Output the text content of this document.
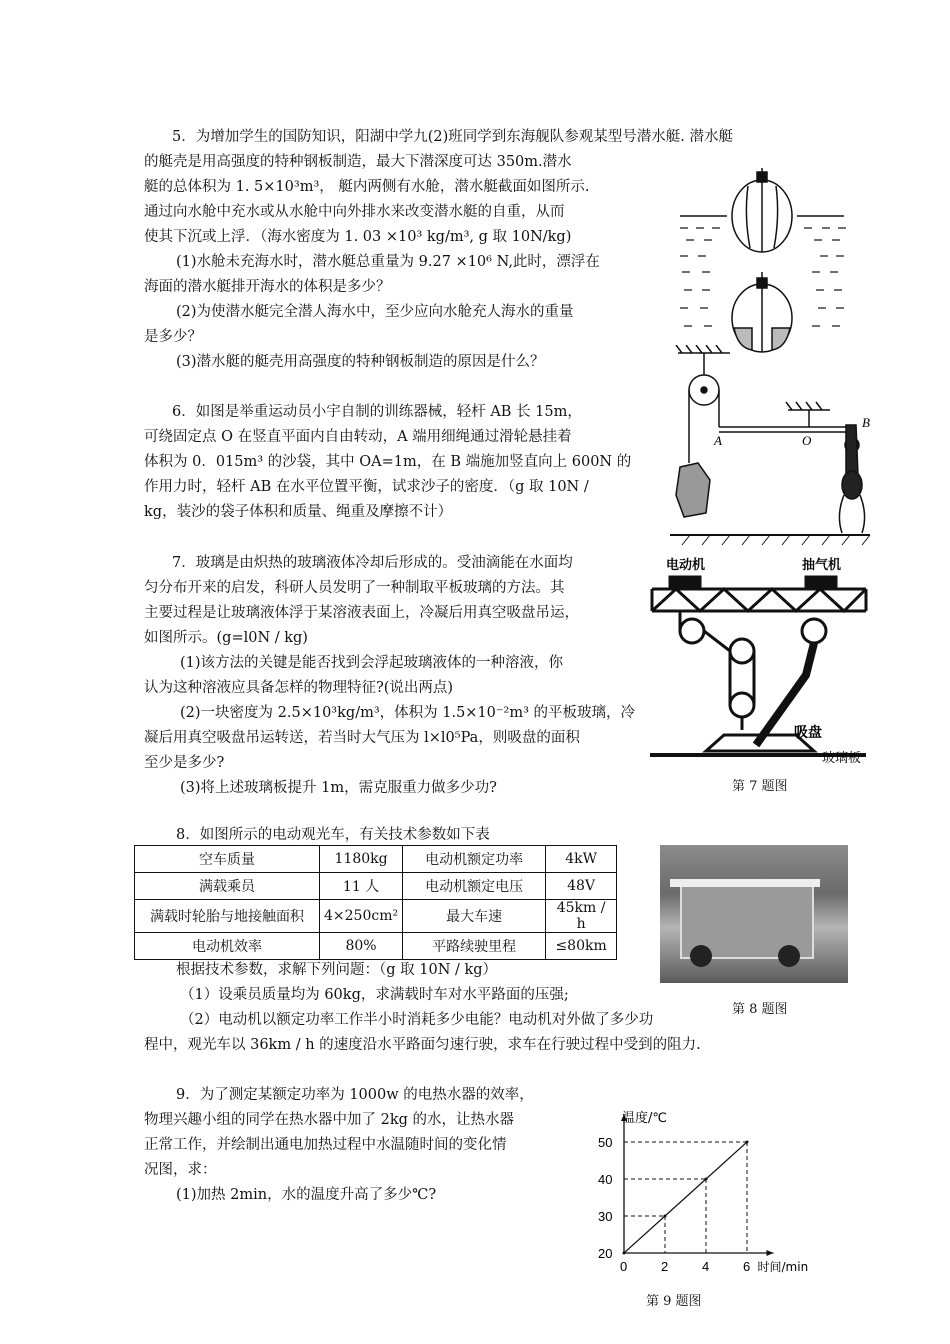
5．为增加学生的国防知识，阳湖中学九(2)班同学到东海舰队参观某型号潜水艇. 潜水艇
的艇壳是用高强度的特种钢板制造，最大下潜深度可达 350m.潜水
艇的总体积为 1. 5×10³m³， 艇内两侧有水舱，潜水艇截面如图所示.
通过向水舱中充水或从水舱中向外排水来改变潜水艇的自重，从而
使其下沉或上浮．（海水密度为 1. 03 ×10³ kg/m³, g 取 10N/kg)
(1)水舱未充海水时，潜水艇总重量为 9.27 ×10⁶ N,此时，漂浮在
海面的潜水艇排开海水的体积是多少？
(2)为使潜水艇完全潜人海水中，至少应向水舱充人海水的重量
是多少？
(3)潜水艇的艇壳用高强度的特种钢板制造的原因是什么？
6．如图是举重运动员小宇自制的训练器械，轻杆 AB 长 15m，
可绕固定点 O 在竖直平面内自由转动，A 端用细绳通过滑轮悬挂着
体积为 0．015m³ 的沙袋，其中 OA=1m，在 B 端施加竖直向上 600N 的
作用力时，轻杆 AB 在水平位置平衡，试求沙子的密度．（g 取 10N /
kg，装沙的袋子体积和质量、绳重及摩擦不计）
A	O
B
7．玻璃是由炽热的玻璃液体冷却后形成的。受油滴能在水面均
匀分布开来的启发，科研人员发明了一种制取平板玻璃的方法。其
主要过程是让玻璃液体浮于某溶液表面上，冷凝后用真空吸盘吊运，
如图所示。(g=l0N / kg)
(1)该方法的关键是能否找到会浮起玻璃液体的一种溶液，你
认为这种溶液应具备怎样的物理特征?(说出两点)
(2)一块密度为 2.5×10³kg/m³，体积为 1.5×10⁻²m³ 的平板玻璃，冷
凝后用真空吸盘吊运转送，若当时大气压为 l×l0⁵Pa，则吸盘的面积
至少是多少?
(3)将上述玻璃板提升 1m，需克服重力做多少功?
电动机	抽气机
吸盘
玻璃板
第 7 题图
8．如图所示的电动观光车，有关技术参数如下表
空车质量	1180kg	电动机额定功率	4kW
满载乘员	11 人	电动机额定电压	48V
满载时轮胎与地接触面积	4×250cm²	最大车速	45km / h
电动机效率	80%	平路续驶里程	≤80km
根据技术参数，求解下列问题：（g 取 10N / kg）
（1）设乘员质量均为 60kg，求满载时车对水平路面的压强;
第 8 题图
（2）电动机以额定功率工作半小时消耗多少电能？电动机对外做了多少功
程中，观光车以 36km / h 的速度沿水平路面匀速行驶，求车在行驶过程中受到的阻力.
9．为了测定某额定功率为 1000w 的电热水器的效率，
物理兴趣小组的同学在热水器中加了 2kg 的水，让热水器
正常工作，并绘制出通电加热过程中水温随时间的变化情
况图，求：
(1)加热 2min，水的温度升高了多少℃?
温度/℃
时间/min
0	2	4	6
20
30
40
50
第 9 题图
